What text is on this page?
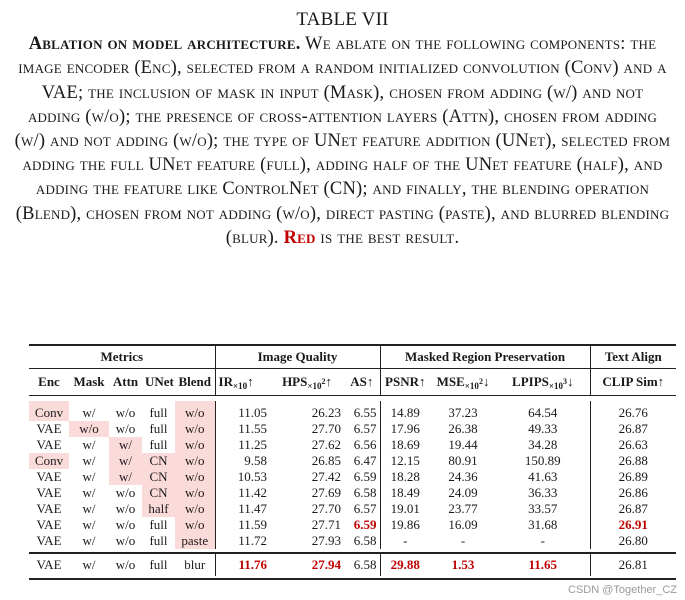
TABLE VII
Ablation on model architecture. We ablate on the following components: the image encoder (Enc), selected from a random initialized convolution (Conv) and a VAE; the inclusion of mask in input (Mask), chosen from adding (w/) and not adding (w/o); the presence of cross-attention layers (Attn), chosen from adding (w/) and not adding (w/o); the type of UNet feature addition (UNet), selected from adding the full UNet feature (full), adding half of the UNet feature (half), and adding the feature like ControlNet (CN); and finally, the blending operation (Blend), chosen from not adding (w/o), direct pasting (paste), and blurred blending (blur). Red is the best result.
Metrics					Image Quality			Masked Region Preservation			Text Align
Enc	Mask	Attn	UNet	Blend	$IR_{\times 10}↑$	$HPS_{\times 10^2}↑$	AS↑	PSNR↑	$MSE_{\times 10^2}↓$	$LPIPS_{\times 10^3}↓$	CLIP Sim↑

Conv	w/	w/o	full	w/o	11.05	26.23	6.55	14.89	37.23	64.54	26.76
VAE	w/o	w/o	full	w/o	11.55	27.70	6.57	17.96	26.38	49.33	26.87
VAE	w/	w/	full	w/o	11.25	27.62	6.56	18.69	19.44	34.28	26.63
Conv	w/	w/	CN	w/o	9.58	26.85	6.47	12.15	80.91	150.89	26.88
VAE	w/	w/	CN	w/o	10.53	27.42	6.59	18.28	24.36	41.63	26.89
VAE	w/	w/o	CN	w/o	11.42	27.69	6.58	18.49	24.09	36.33	26.86
VAE	w/	w/o	half	w/o	11.47	27.70	6.57	19.01	23.77	33.57	26.87
VAE	w/	w/o	full	w/o	11.59	27.71	6.59	19.86	16.09	31.68	26.91
VAE	w/	w/o	full	paste	11.72	27.93	6.58	-	-	-	26.80

VAE	w/	w/o	full	blur	11.76	27.94	6.58	29.88	1.53	11.65	26.81

CSDN @Together_CZ
